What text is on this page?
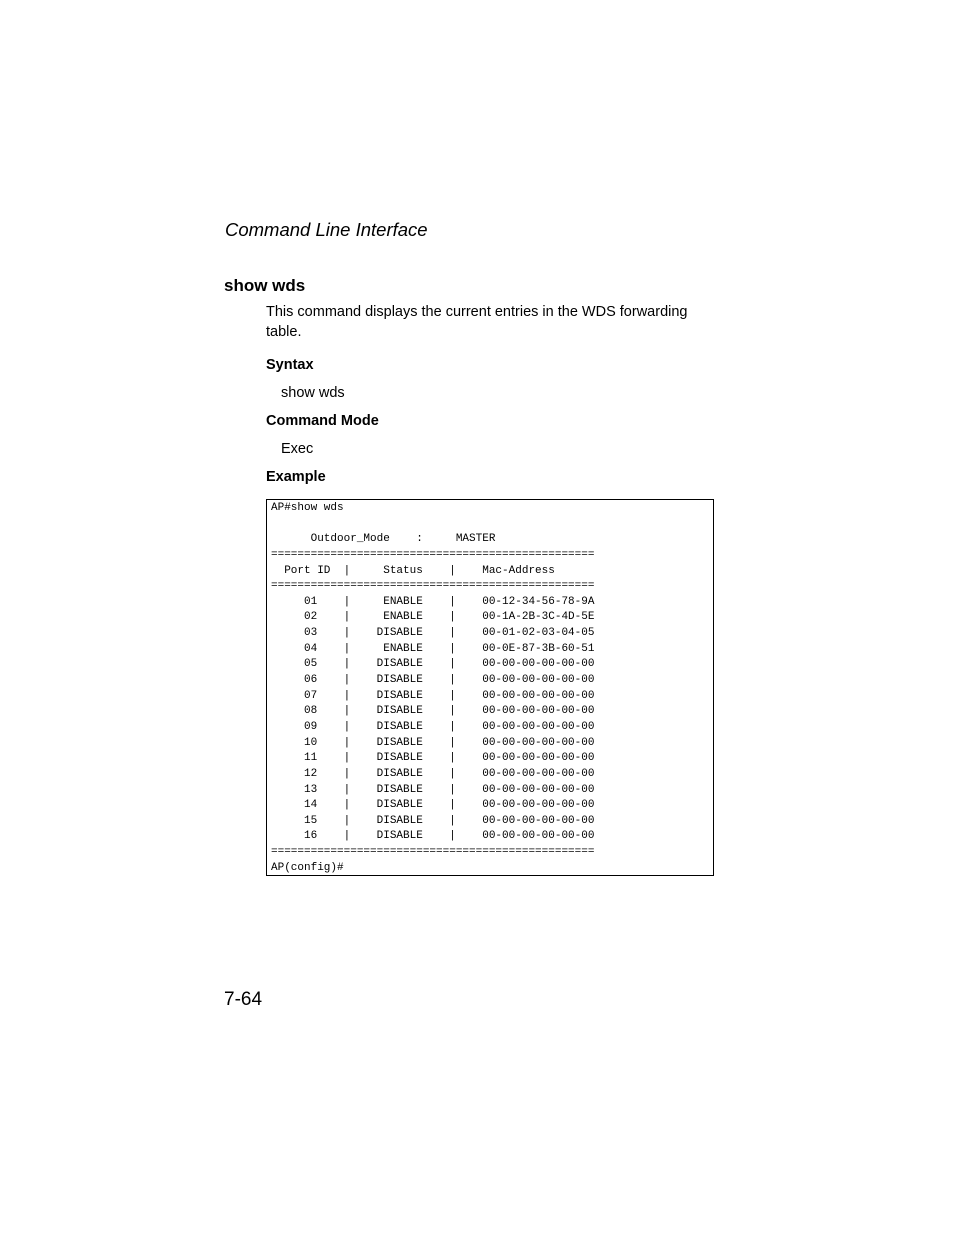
Command Line Interface
show wds
This command displays the current entries in the WDS forwarding table.
Syntax
show wds
Command Mode
Exec
Example
AP#show wds
Outdoor_Mode    :     MASTER
=================================================
Port ID  |     Status    |    Mac-Address
=================================================
01    |     ENABLE    |    00-12-34-56-78-9A
02    |     ENABLE    |    00-1A-2B-3C-4D-5E
03    |    DISABLE    |    00-01-02-03-04-05
04    |     ENABLE    |    00-0E-87-3B-60-51
05    |    DISABLE    |    00-00-00-00-00-00
06    |    DISABLE    |    00-00-00-00-00-00
07    |    DISABLE    |    00-00-00-00-00-00
08    |    DISABLE    |    00-00-00-00-00-00
09    |    DISABLE    |    00-00-00-00-00-00
10    |    DISABLE    |    00-00-00-00-00-00
11    |    DISABLE    |    00-00-00-00-00-00
12    |    DISABLE    |    00-00-00-00-00-00
13    |    DISABLE    |    00-00-00-00-00-00
14    |    DISABLE    |    00-00-00-00-00-00
15    |    DISABLE    |    00-00-00-00-00-00
16    |    DISABLE    |    00-00-00-00-00-00
=================================================
AP(config)#
7-64
